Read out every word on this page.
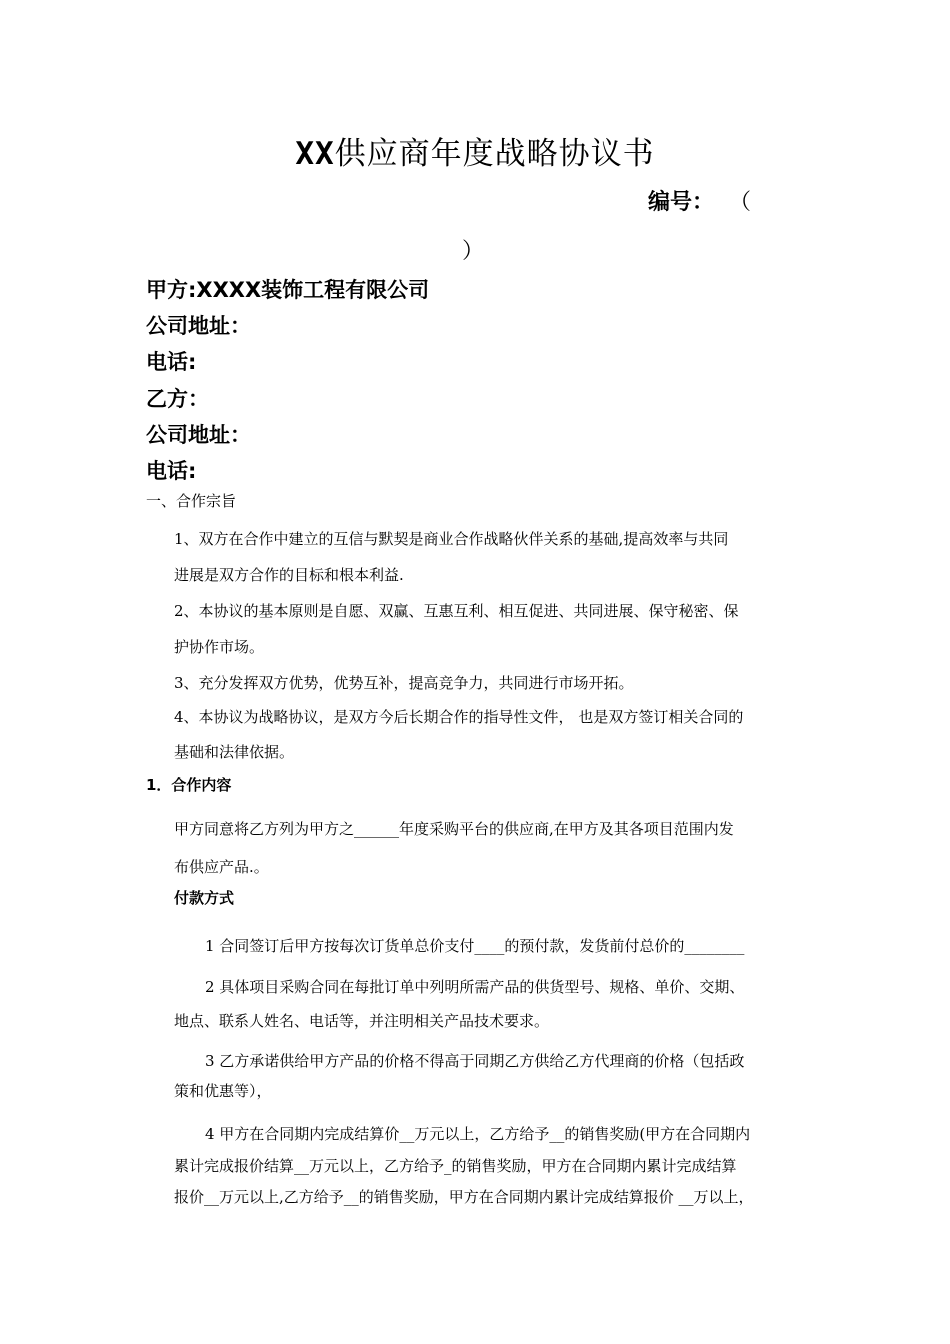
XX供应商年度战略协议书
编号： （
）
甲方:XXXX装饰工程有限公司
公司地址：
电话:
乙方：
公司地址：
电话:
一、合作宗旨
1、双方在合作中建立的互信与默契是商业合作战略伙伴关系的基础,提高效率与共同
进展是双方合作的目标和根本利益.
2、本协议的基本原则是自愿、双赢、互惠互利、相互促进、共同进展、保守秘密、保
护协作市场。
3、充分发挥双方优势，优势互补，提高竞争力，共同进行市场开拓。
4、本协议为战略协议，是双方今后长期合作的指导性文件， 也是双方签订相关合同的
基础和法律依据。
1．合作内容
甲方同意将乙方列为甲方之______年度采购平台的供应商,在甲方及其各项目范围内发
布供应产品.。
付款方式
1 合同签订后甲方按每次订货单总价支付____的预付款，发货前付总价的________
2 具体项目采购合同在每批订单中列明所需产品的供货型号、规格、单价、交期、
地点、联系人姓名、电话等，并注明相关产品技术要求。
3 乙方承诺供给甲方产品的价格不得高于同期乙方供给乙方代理商的价格（包括政
策和优惠等），
4 甲方在合同期内完成结算价__万元以上，乙方给予__的销售奖励(甲方在合同期内
累计完成报价结算__万元以上，乙方给予_的销售奖励，甲方在合同期内累计完成结算
报价__万元以上,乙方给予__的销售奖励，甲方在合同期内累计完成结算报价 __万以上，
